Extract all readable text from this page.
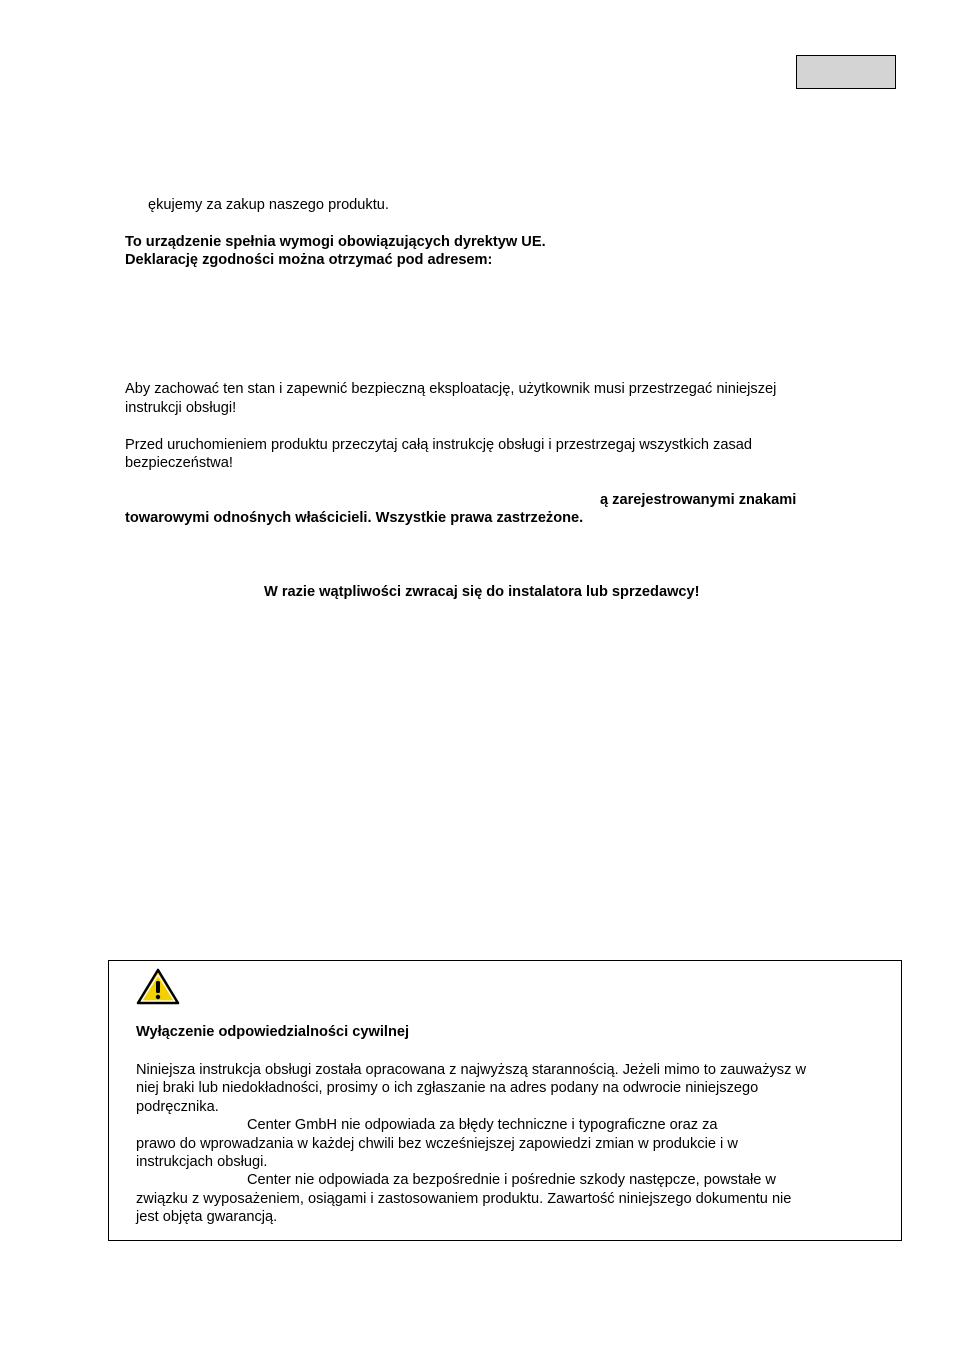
ękujemy za zakup naszego produktu.

To urządzenie spełnia wymogi obowiązujących dyrektyw UE.

Deklarację zgodności można otrzymać pod adresem:

Aby zachować ten stan i zapewnić bezpieczną eksploatację, użytkownik musi przestrzegać niniejszej

instrukcji obsługi!

Przed uruchomieniem produktu przeczytaj całą instrukcję obsługi i przestrzegaj wszystkich zasad

bezpieczeństwa!

ą zarejestrowanymi znakami

towarowymi odnośnych właścicieli. Wszystkie prawa zastrzeżone.

W razie wątpliwości zwracaj się do instalatora lub sprzedawcy!

Wyłączenie odpowiedzialności cywilnej

Niniejsza instrukcja obsługi została opracowana z najwyższą starannością. Jeżeli mimo to zauważysz w

niej braki lub niedokładności, prosimy o ich zgłaszanie na adres podany na odwrocie niniejszego

podręcznika.

Center GmbH nie odpowiada za błędy techniczne i typograficzne oraz za

prawo do wprowadzania w każdej chwili bez wcześniejszej zapowiedzi zmian w produkcie i w

instrukcjach obsługi.

Center nie odpowiada za bezpośrednie i pośrednie szkody następcze, powstałe w

związku z wyposażeniem, osiągami i zastosowaniem produktu. Zawartość niniejszego dokumentu nie

jest objęta gwarancją.
